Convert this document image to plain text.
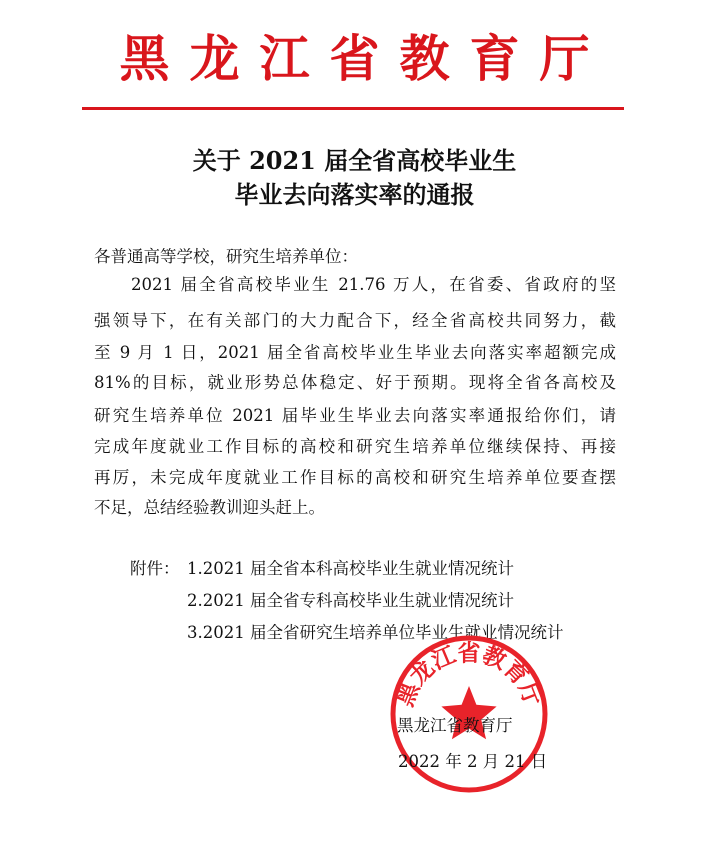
黑龙江省教育厅
关于 2021 届全省高校毕业生
毕业去向落实率的通报
各普通高等学校，研究生培养单位：
2021 届全省高校毕业生 21.76 万人，在省委、省政府的坚
强领导下，在有关部门的大力配合下，经全省高校共同努力，截
至 9 月 1 日，2021 届全省高校毕业生毕业去向落实率超额完成
81%的目标，就业形势总体稳定、好于预期。现将全省各高校及
研究生培养单位 2021 届毕业生毕业去向落实率通报给你们，请
完成年度就业工作目标的高校和研究生培养单位继续保持、再接
再厉，未完成年度就业工作目标的高校和研究生培养单位要查摆
不足，总结经验教训迎头赶上。
附件： 1.2021 届全省本科高校毕业生就业情况统计
2.2021 届全省专科高校毕业生就业情况统计
3.2021 届全省研究生培养单位毕业生就业情况统计
黑龙江省教育厅
黑龙江省教育厅
2022 年 2 月 21 日
